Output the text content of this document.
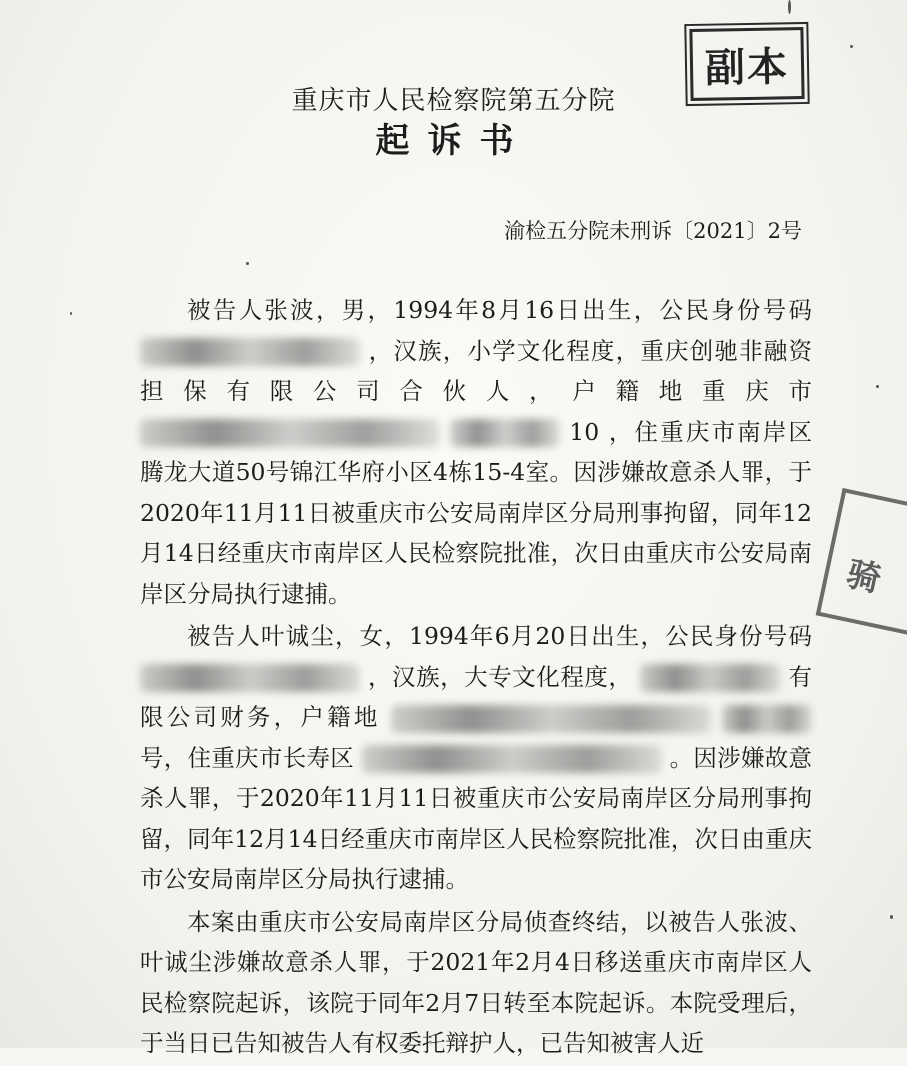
副本
骑
重庆市人民检察院第五分院
起诉书
渝检五分院未刑诉〔2021〕2号

被告人张波，男，1994年8月16日出生，公民身份号码  ，汉族，小学文化程度，重庆创驰非融资担保有限公司合伙人，户籍地重庆市   10 ，住重庆市南岸区腾龙大道50号锦江华府小区4栋15-4室。因涉嫌故意杀人罪，于2020年11月11日被重庆市公安局南岸区分局刑事拘留，同年12月14日经重庆市南岸区人民检察院批准，次日由重庆市公安局南岸区分局执行逮捕。

被告人叶诚尘，女，1994年6月20日出生，公民身份号码  ，汉族，大专文化程度，	有限公司财务，户籍地   号，住重庆市长寿区	。因涉嫌故意杀人罪，于2020年11月11日被重庆市公安局南岸区分局刑事拘留，同年12月14日经重庆市南岸区人民检察院批准，次日由重庆市公安局南岸区分局执行逮捕。

本案由重庆市公安局南岸区分局侦查终结，以被告人张波、叶诚尘涉嫌故意杀人罪，于2021年2月4日移送重庆市南岸区人民检察院起诉，该院于同年2月7日转至本院起诉。本院受理后，于当日已告知被告人有权委托辩护人，已告知被害人近
